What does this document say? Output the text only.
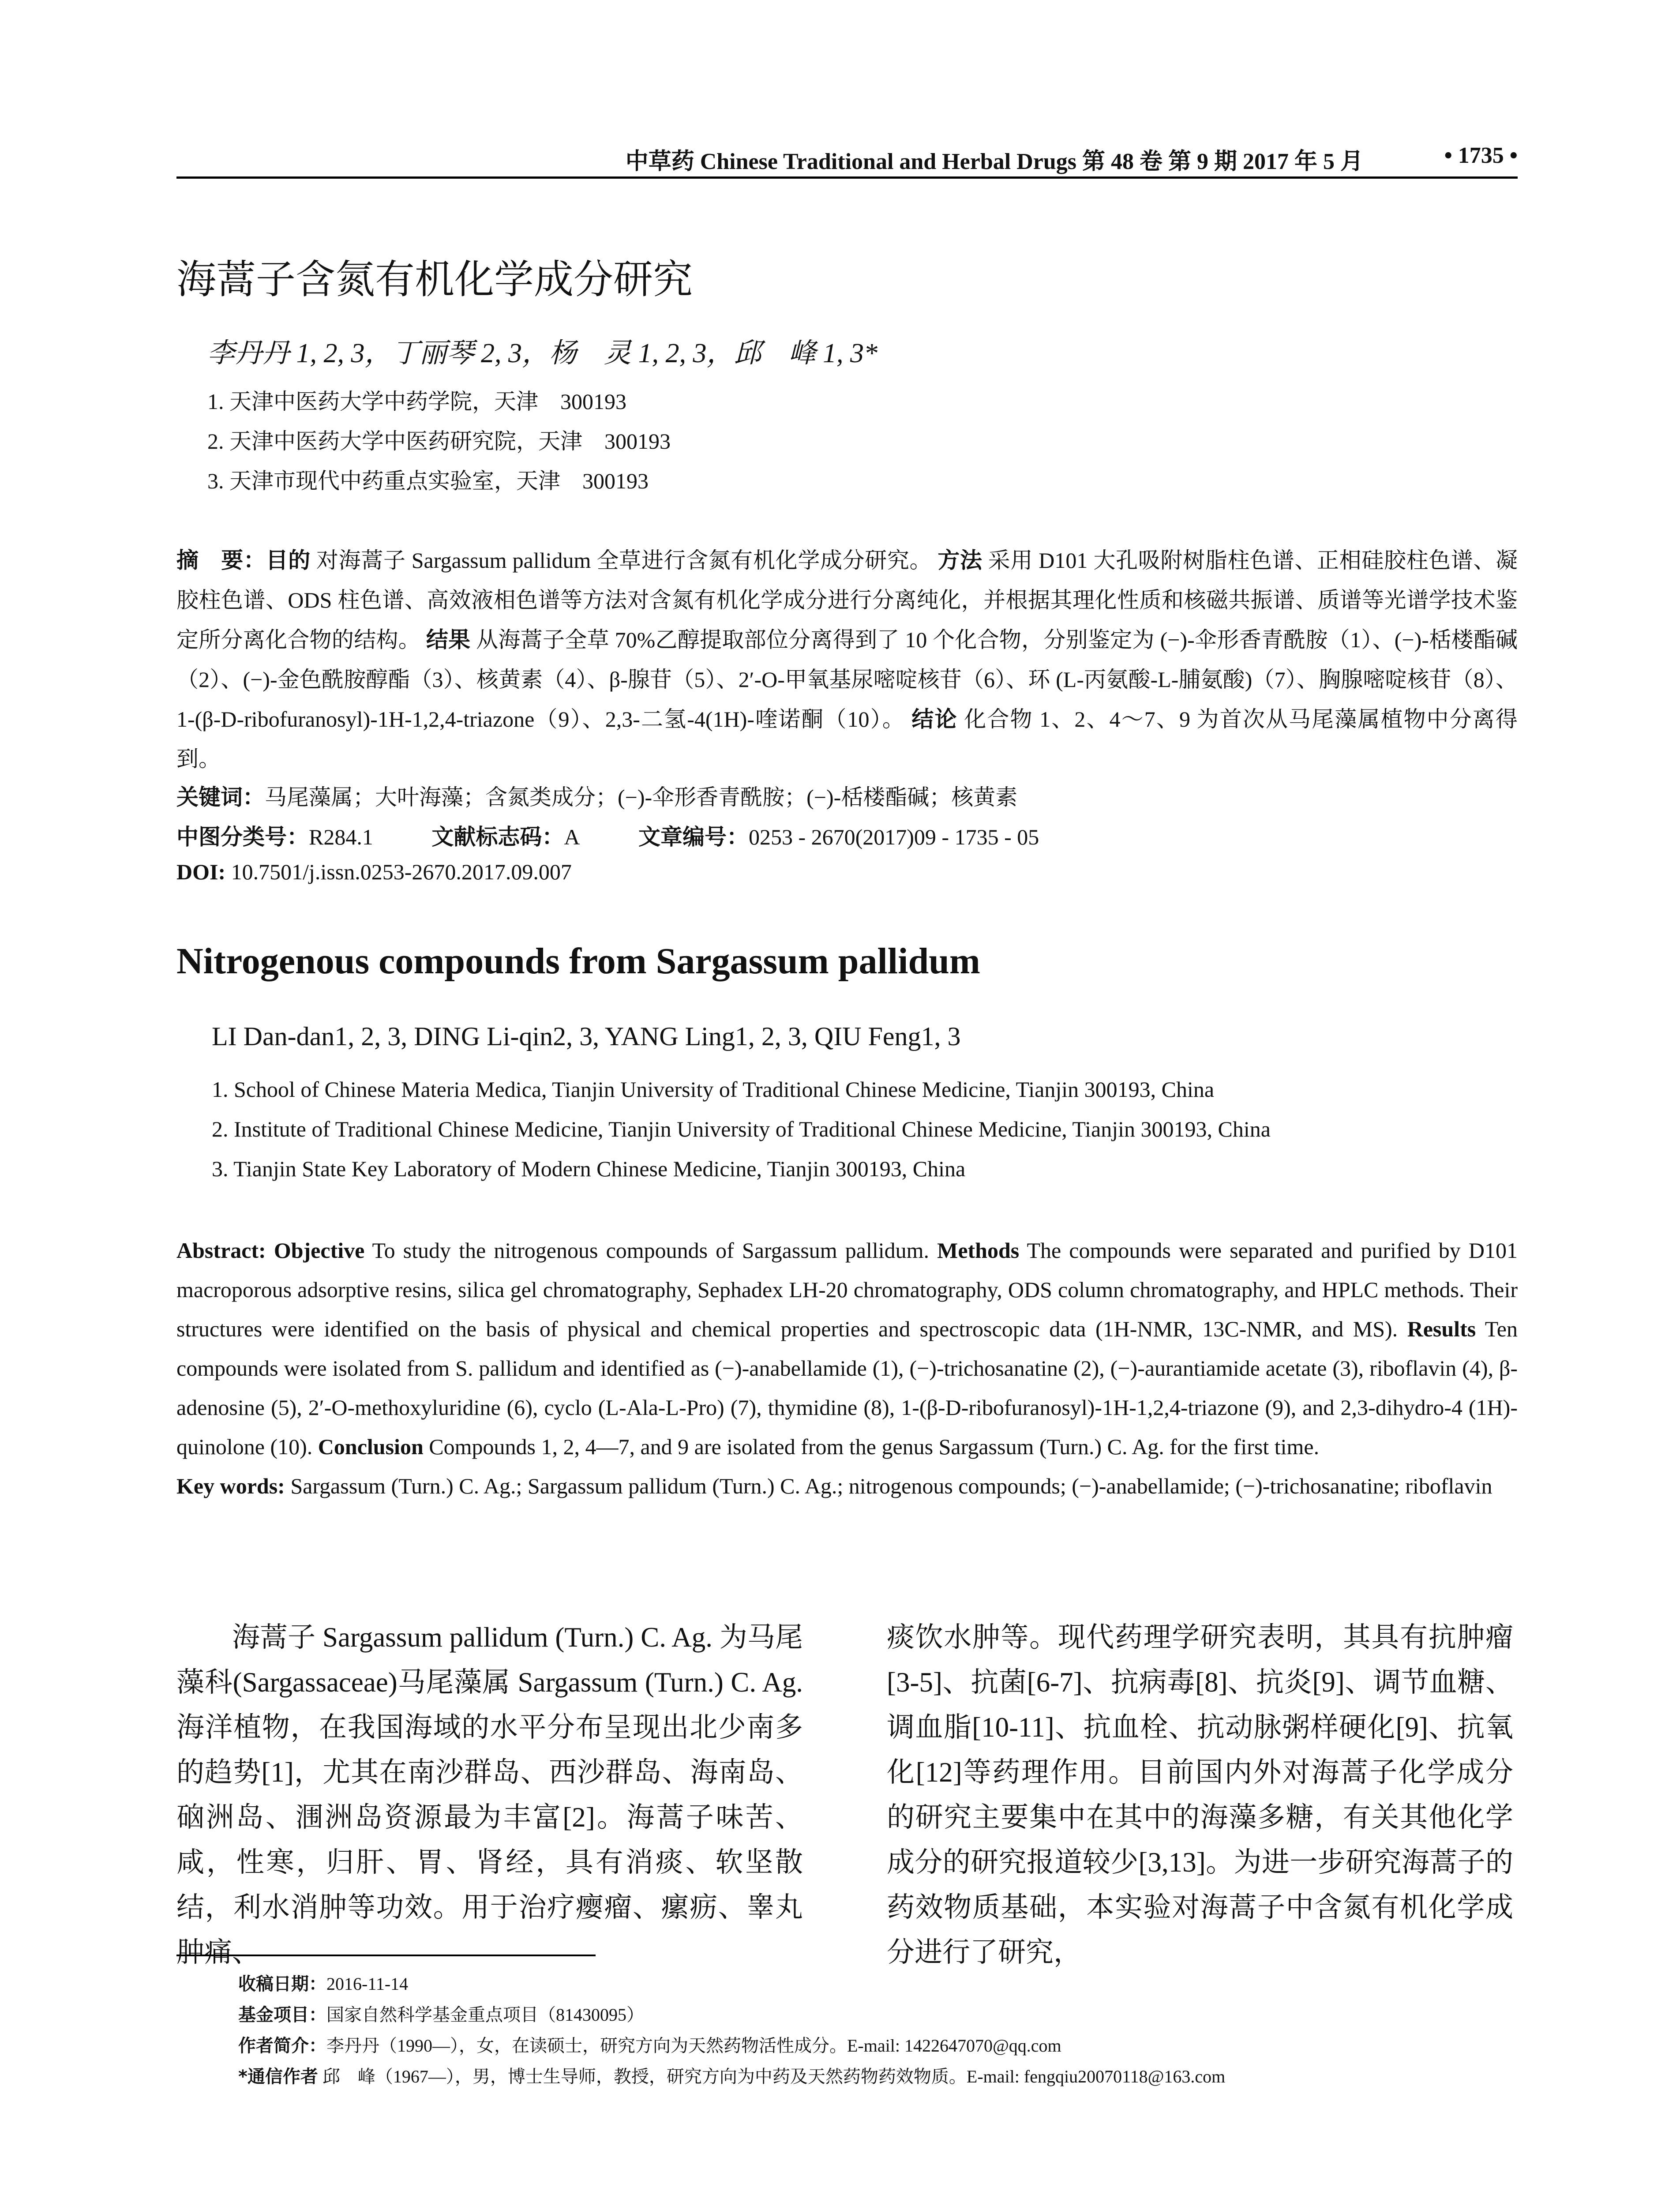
中草药 Chinese Traditional and Herbal Drugs 第 48 卷 第 9 期 2017 年 5 月	• 1735 •
海蒿子含氮有机化学成分研究
李丹丹 1, 2, 3，丁丽琴 2, 3，杨　灵 1, 2, 3，邱　峰 1, 3*
1. 天津中医药大学中药学院，天津　300193
2. 天津中医药大学中医药研究院，天津　300193
3. 天津市现代中药重点实验室，天津　300193
摘　要：目的 对海蒿子 Sargassum pallidum 全草进行含氮有机化学成分研究。 方法 采用 D101 大孔吸附树脂柱色谱、正相硅胶柱色谱、凝胶柱色谱、ODS 柱色谱、高效液相色谱等方法对含氮有机化学成分进行分离纯化，并根据其理化性质和核磁共振谱、质谱等光谱学技术鉴定所分离化合物的结构。 结果 从海蒿子全草 70%乙醇提取部位分离得到了 10 个化合物，分别鉴定为 (−)-伞形香青酰胺（1）、(−)-栝楼酯碱（2）、(−)-金色酰胺醇酯（3）、核黄素（4）、β-腺苷（5）、2′-O-甲氧基尿嘧啶核苷（6）、环 (L-丙氨酸-L-脯氨酸)（7）、胸腺嘧啶核苷（8）、1-(β-D-ribofuranosyl)-1H-1,2,4-triazone（9）、2,3-二氢-4(1H)-喹诺酮（10）。 结论 化合物 1、2、4～7、9 为首次从马尾藻属植物中分离得到。
关键词：马尾藻属；大叶海藻；含氮类成分；(−)-伞形香青酰胺；(−)-栝楼酯碱；核黄素
中图分类号：R284.1	文献标志码：A	文章编号：0253 - 2670(2017)09 - 1735 - 05
DOI: 10.7501/j.issn.0253-2670.2017.09.007
Nitrogenous compounds from Sargassum pallidum
LI Dan-dan1, 2, 3, DING Li-qin2, 3, YANG Ling1, 2, 3, QIU Feng1, 3
1. School of Chinese Materia Medica, Tianjin University of Traditional Chinese Medicine, Tianjin 300193, China
2. Institute of Traditional Chinese Medicine, Tianjin University of Traditional Chinese Medicine, Tianjin 300193, China
3. Tianjin State Key Laboratory of Modern Chinese Medicine, Tianjin 300193, China
Abstract: Objective To study the nitrogenous compounds of Sargassum pallidum. Methods The compounds were separated and purified by D101 macroporous adsorptive resins, silica gel chromatography, Sephadex LH-20 chromatography, ODS column chromatography, and HPLC methods. Their structures were identified on the basis of physical and chemical properties and spectroscopic data (1H-NMR, 13C-NMR, and MS). Results Ten compounds were isolated from S. pallidum and identified as (−)-anabellamide (1), (−)-trichosanatine (2), (−)-aurantiamide acetate (3), riboflavin (4), β-adenosine (5), 2′-O-methoxyluridine (6), cyclo (L-Ala-L-Pro) (7), thymidine (8), 1-(β-D-ribofuranosyl)-1H-1,2,4-triazone (9), and 2,3-dihydro-4 (1H)-quinolone (10). Conclusion Compounds 1, 2, 4—7, and 9 are isolated from the genus Sargassum (Turn.) C. Ag. for the first time.
Key words: Sargassum (Turn.) C. Ag.; Sargassum pallidum (Turn.) C. Ag.; nitrogenous compounds; (−)-anabellamide; (−)-trichosanatine; riboflavin
海蒿子 Sargassum pallidum (Turn.) C. Ag. 为马尾藻科(Sargassaceae)马尾藻属 Sargassum (Turn.) C. Ag. 海洋植物，在我国海域的水平分布呈现出北少南多的趋势[1]，尤其在南沙群岛、西沙群岛、海南岛、硇洲岛、涠洲岛资源最为丰富[2]。海蒿子味苦、咸，性寒，归肝、胃、肾经，具有消痰、软坚散结，利水消肿等功效。用于治疗瘿瘤、瘰疬、睾丸肿痛、
痰饮水肿等。现代药理学研究表明，其具有抗肿瘤[3-5]、抗菌[6-7]、抗病毒[8]、抗炎[9]、调节血糖、调血脂[10-11]、抗血栓、抗动脉粥样硬化[9]、抗氧化[12]等药理作用。目前国内外对海蒿子化学成分的研究主要集中在其中的海藻多糖，有关其他化学成分的研究报道较少[3,13]。为进一步研究海蒿子的药效物质基础，本实验对海蒿子中含氮有机化学成分进行了研究，
收稿日期：2016-11-14
基金项目：国家自然科学基金重点项目（81430095）
作者简介：李丹丹（1990—），女，在读硕士，研究方向为天然药物活性成分。E-mail: 1422647070@qq.com
*通信作者 邱　峰（1967—），男，博士生导师，教授，研究方向为中药及天然药物药效物质。E-mail: fengqiu20070118@163.com
